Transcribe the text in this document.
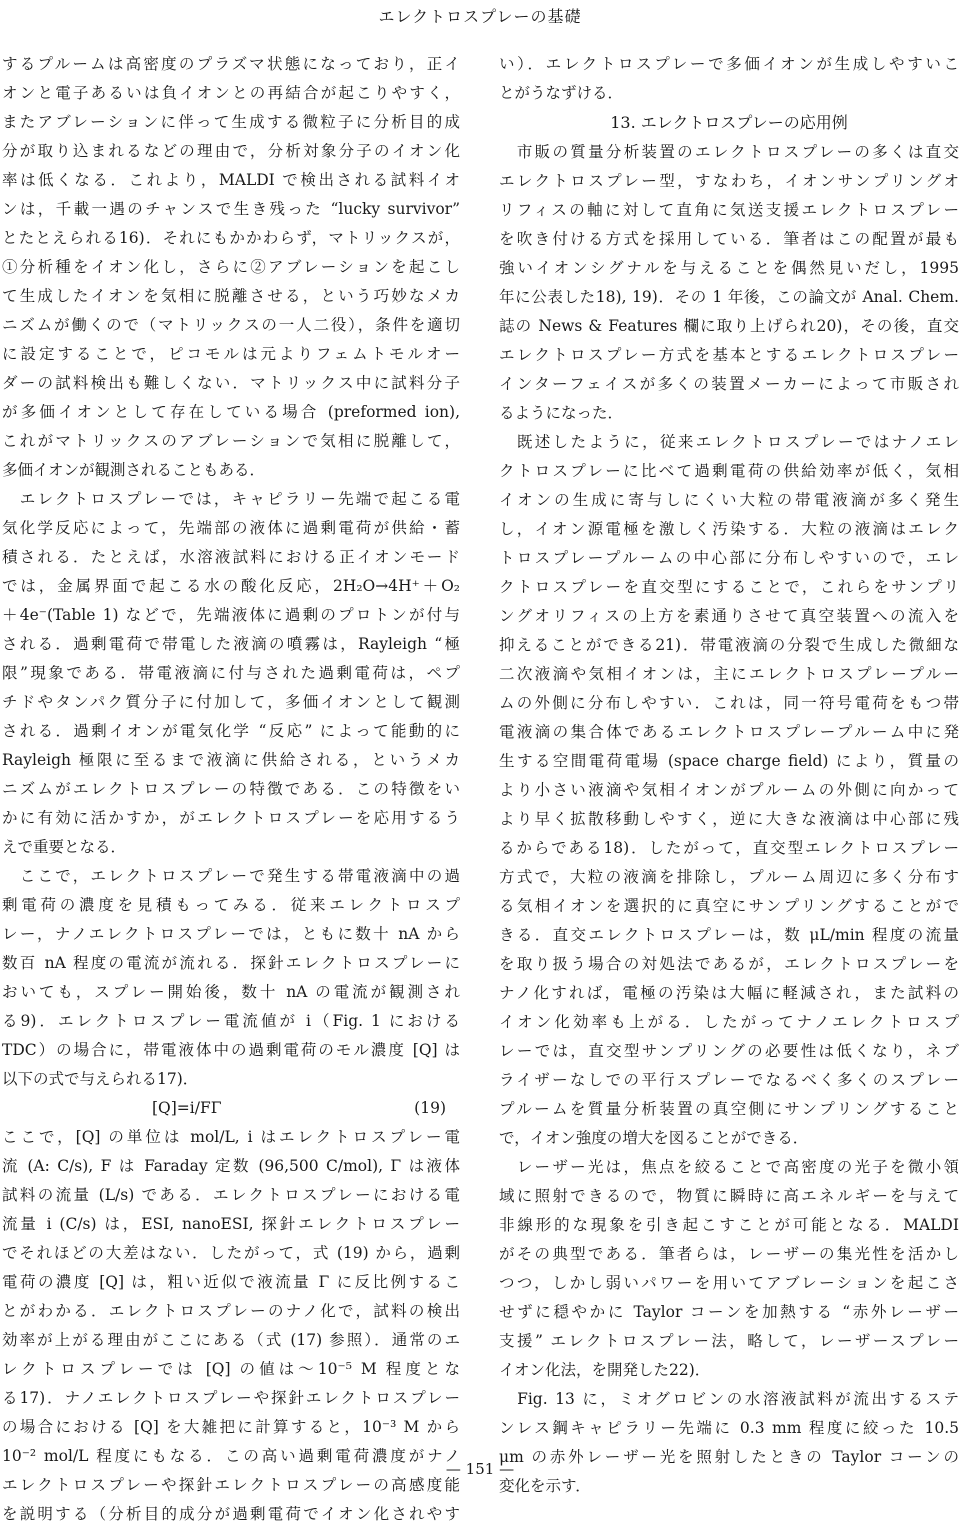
エレクトロスプレーの基礎
するプルームは高密度のプラズマ状態になっており，正イ
オンと電子あるいは負イオンとの再結合が起こりやすく，
またアブレーションに伴って生成する微粒子に分析目的成
分が取り込まれるなどの理由で，分析対象分子のイオン化
率は低くなる．これより，MALDI で検出される試料イオ
ンは，千載一遇のチャンスで生き残った “lucky survivor”
とたとえられる16)．それにもかかわらず，マトリックスが，
①分析種をイオン化し，さらに②アブレーションを起こし
て生成したイオンを気相に脱離させる，という巧妙なメカ
ニズムが働くので（マトリックスの一人二役），条件を適切
に設定することで，ピコモルは元よりフェムトモルオー
ダーの試料検出も難しくない．マトリックス中に試料分子
が多価イオンとして存在している場合 (preformed ion),
これがマトリックスのアブレーションで気相に脱離して，
多価イオンが観測されることもある．
　エレクトロスプレーでは，キャピラリー先端で起こる電
気化学反応によって，先端部の液体に過剰電荷が供給・蓄
積される．たとえば，水溶液試料における正イオンモード
では，金属界面で起こる水の酸化反応，2H₂O→4H⁺＋O₂
＋4e⁻(Table 1) などで，先端液体に過剰のプロトンが付与
される．過剰電荷で帯電した液滴の噴霧は，Rayleigh “極
限”現象である．帯電液滴に付与された過剰電荷は，ペプ
チドやタンパク質分子に付加して，多価イオンとして観測
される．過剰イオンが電気化学 “反応” によって能動的に
Rayleigh 極限に至るまで液滴に供給される，というメカ
ニズムがエレクトロスプレーの特徴である．この特徴をい
かに有効に活かすか，がエレクトロスプレーを応用するう
えで重要となる．
　ここで，エレクトロスプレーで発生する帯電液滴中の過
剰電荷の濃度を見積もってみる．従来エレクトロスプ
レー，ナノエレクトロスプレーでは，ともに数十 nA から
数百 nA 程度の電流が流れる．探針エレクトロスプレーに
おいても，スプレー開始後，数十 nA の電流が観測され
る9)．エレクトロスプレー電流値が i（Fig. 1 における
TDC）の場合に，帯電液体中の過剰電荷のモル濃度 [Q] は
以下の式で与えられる17)．
[Q]=i/FΓ	(19)
ここで，[Q] の単位は mol/L, i はエレクトロスプレー電
流 (A: C/s), F は Faraday 定数 (96,500 C/mol), Γ は液体
試料の流量 (L/s) である．エレクトロスプレーにおける電
流量 i (C/s) は，ESI, nanoESI, 探針エレクトロスプレー
でそれほどの大差はない．したがって，式 (19) から，過剰
電荷の濃度 [Q] は，粗い近似で液流量 Γ に反比例するこ
とがわかる．エレクトロスプレーのナノ化で，試料の検出
効率が上がる理由がここにある（式 (17) 参照）．通常のエ
レクトロスプレーでは [Q] の値は〜10⁻⁵ M 程度とな
る17)．ナノエレクトロスプレーや探針エレクトロスプレー
の場合における [Q] を大雑把に計算すると，10⁻³ M から
10⁻² mol/L 程度にもなる．この高い過剰電荷濃度がナノ
エレクトロスプレーや探針エレクトロスプレーの高感度能
を説明する（分析目的成分が過剰電荷でイオン化されやす
い）．エレクトロスプレーで多価イオンが生成しやすいこ
とがうなずける．
13. エレクトロスプレーの応用例
　市販の質量分析装置のエレクトロスプレーの多くは直交
エレクトロスプレー型，すなわち，イオンサンプリングオ
リフィスの軸に対して直角に気送支援エレクトロスプレー
を吹き付ける方式を採用している．筆者はこの配置が最も
強いイオンシグナルを与えることを偶然見いだし，1995
年に公表した18), 19)．その 1 年後，この論文が Anal. Chem.
誌の News & Features 欄に取り上げられ20)，その後，直交
エレクトロスプレー方式を基本とするエレクトロスプレー
インターフェイスが多くの装置メーカーによって市販され
るようになった．
　既述したように，従来エレクトロスプレーではナノエレ
クトロスプレーに比べて過剰電荷の供給効率が低く，気相
イオンの生成に寄与しにくい大粒の帯電液滴が多く発生
し，イオン源電極を激しく汚染する．大粒の液滴はエレク
トロスプレープルームの中心部に分布しやすいので，エレ
クトロスプレーを直交型にすることで，これらをサンプリ
ングオリフィスの上方を素通りさせて真空装置への流入を
抑えることができる21)．帯電液滴の分裂で生成した微細な
二次液滴や気相イオンは，主にエレクトロスプレープルー
ムの外側に分布しやすい．これは，同一符号電荷をもつ帯
電液滴の集合体であるエレクトロスプレープルーム中に発
生する空間電荷電場 (space charge field) により，質量の
より小さい液滴や気相イオンがプルームの外側に向かって
より早く拡散移動しやすく，逆に大きな液滴は中心部に残
るからである18)．したがって，直交型エレクトロスプレー
方式で，大粒の液滴を排除し，プルーム周辺に多く分布す
る気相イオンを選択的に真空にサンプリングすることがで
きる．直交エレクトロスプレーは，数 μL/min 程度の流量
を取り扱う場合の対処法であるが，エレクトロスプレーを
ナノ化すれば，電極の汚染は大幅に軽減され，また試料の
イオン化効率も上がる．したがってナノエレクトロスプ
レーでは，直交型サンプリングの必要性は低くなり，ネブ
ライザーなしでの平行スプレーでなるべく多くのスプレー
プルームを質量分析装置の真空側にサンプリングすること
で，イオン強度の増大を図ることができる．
　レーザー光は，焦点を絞ることで高密度の光子を微小領
域に照射できるので，物質に瞬時に高エネルギーを与えて
非線形的な現象を引き起こすことが可能となる．MALDI
がその典型である．筆者らは，レーザーの集光性を活かし
つつ，しかし弱いパワーを用いてアブレーションを起こさ
せずに穏やかに Taylor コーンを加熱する “赤外レーザー
支援” エレクトロスプレー法，略して，レーザースプレー
イオン化法，を開発した22)．
　Fig. 13 に，ミオグロビンの水溶液試料が流出するステ
ンレス鋼キャピラリー先端に 0.3 mm 程度に絞った 10.5
μm の赤外レーザー光を照射したときの Taylor コーンの
変化を示す．
— 151 —
